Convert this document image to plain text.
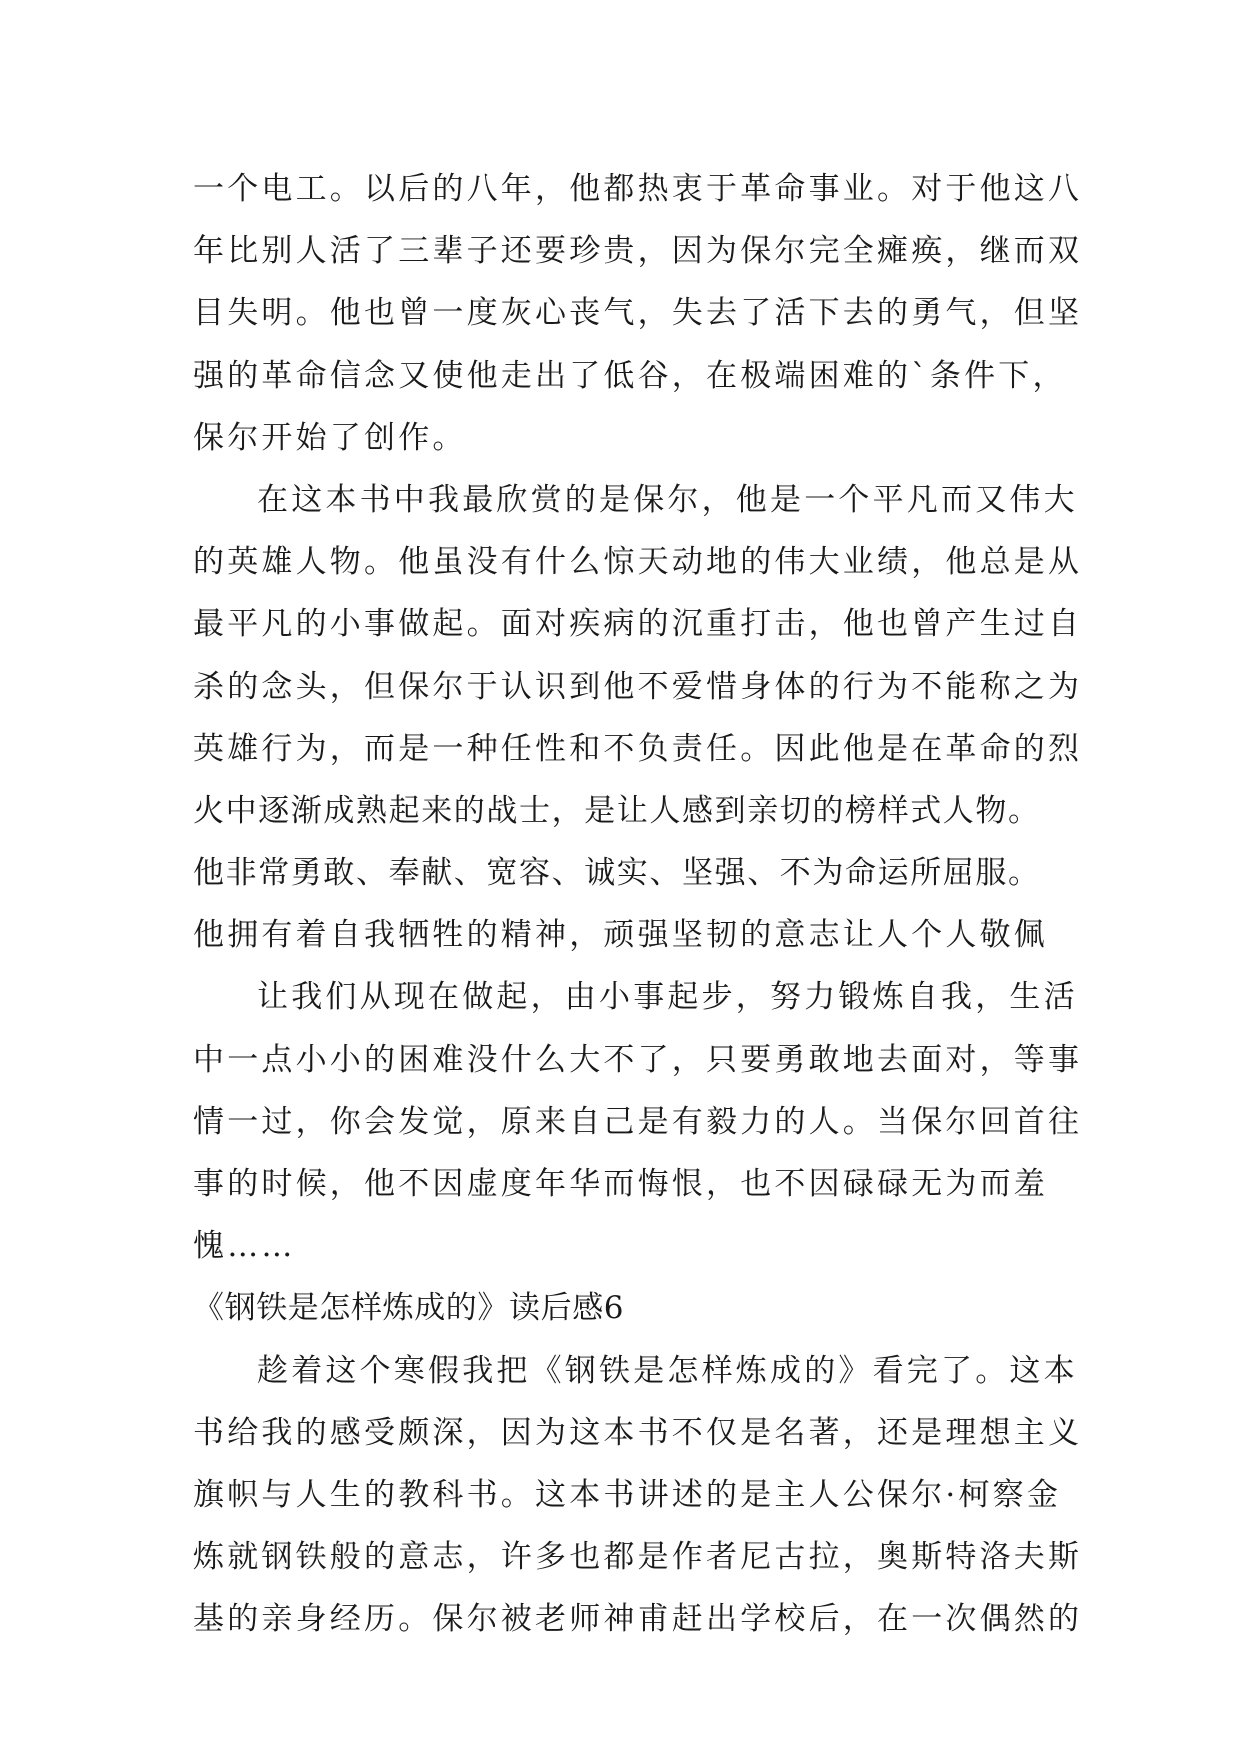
一个电工。以后的八年，他都热衷于革命事业。对于他这八
年比别人活了三辈子还要珍贵，因为保尔完全瘫痪，继而双
目失明。他也曾一度灰心丧气，失去了活下去的勇气，但坚
强的革命信念又使他走出了低谷，在极端困难的`条件下，
保尔开始了创作。
在这本书中我最欣赏的是保尔，他是一个平凡而又伟大
的英雄人物。他虽没有什么惊天动地的伟大业绩，他总是从
最平凡的小事做起。面对疾病的沉重打击，他也曾产生过自
杀的念头，但保尔于认识到他不爱惜身体的行为不能称之为
英雄行为，而是一种任性和不负责任。因此他是在革命的烈
火中逐渐成熟起来的战士，是让人感到亲切的榜样式人物。
他非常勇敢、奉献、宽容、诚实、坚强、不为命运所屈服。
他拥有着自我牺牲的精神，顽强坚韧的意志让人个人敬佩
让我们从现在做起，由小事起步，努力锻炼自我，生活
中一点小小的困难没什么大不了，只要勇敢地去面对，等事
情一过，你会发觉，原来自己是有毅力的人。当保尔回首往
事的时候，他不因虚度年华而悔恨，也不因碌碌无为而羞
愧……
《钢铁是怎样炼成的》读后感6
趁着这个寒假我把《钢铁是怎样炼成的》看完了。这本
书给我的感受颇深，因为这本书不仅是名著，还是理想主义
旗帜与人生的教科书。这本书讲述的是主人公保尔·柯察金
炼就钢铁般的意志，许多也都是作者尼古拉，奥斯特洛夫斯
基的亲身经历。保尔被老师神甫赶出学校后，在一次偶然的
